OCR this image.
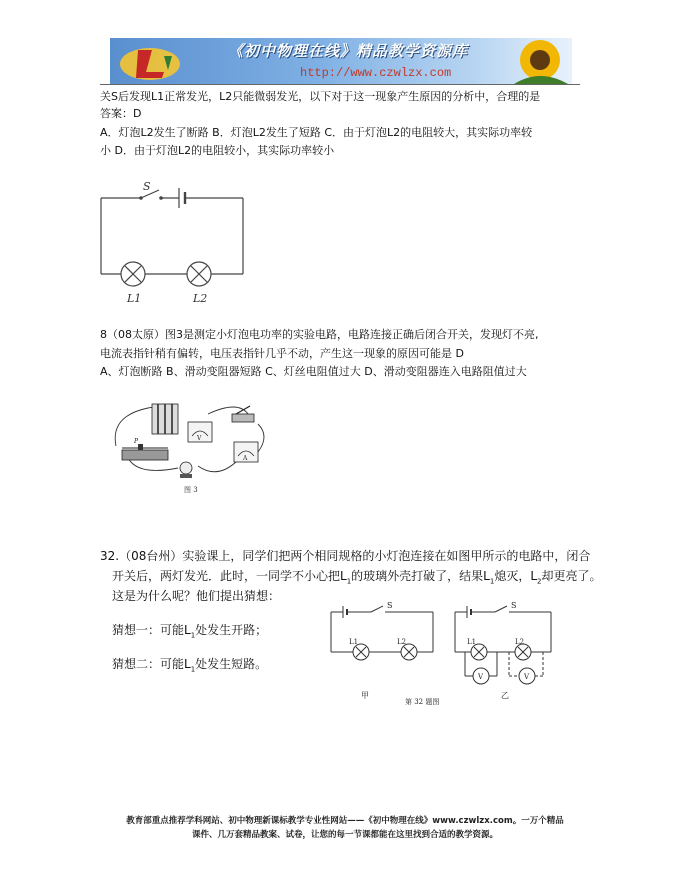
《初中物理在线》精品教学资源库
http://www.czwlzx.com
关S后发现L1正常发光，L2只能微弱发光，以下对于这一现象产生原因的分析中，合理的是
答案：D
A．灯泡L2发生了断路 B．灯泡L2发生了短路 C．由于灯泡L2的电阻较大，其实际功率较
小 D．由于灯泡L2的电阻较小，其实际功率较小
S
L1	L2
8（08太原）图3是测定小灯泡电功率的实验电路，电路连接正确后闭合开关，发现灯不亮,
电流表指针稍有偏转，电压表指针几乎不动，产生这一现象的原因可能是 D
A、灯泡断路 B、滑动变阻器短路 C、灯丝电阻值过大 D、滑动变阻器连入电路阻值过大
V
A
P
图 3
32.（08台州）实验课上，同学们把两个相同规格的小灯泡连接在如图甲所示的电路中，闭合
开关后，两灯发光．此时，一同学不小心把$L_1$的玻璃外壳打破了，结果$L_1$熄灭，$L_2$却更亮了。
这是为什么呢？他们提出猜想：
猜想一：可能$L_1$处发生开路；
猜想二：可能$L_1$处发生短路。
S
L1	L2
S
L1	L2
V	V
甲
第 32 题图
乙
教育部重点推荐学科网站、初中物理新课标教学专业性网站——《初中物理在线》www.czwlzx.com。一万个精品
课件、几万套精品教案、试卷，让您的每一节课都能在这里找到合适的教学资源。
